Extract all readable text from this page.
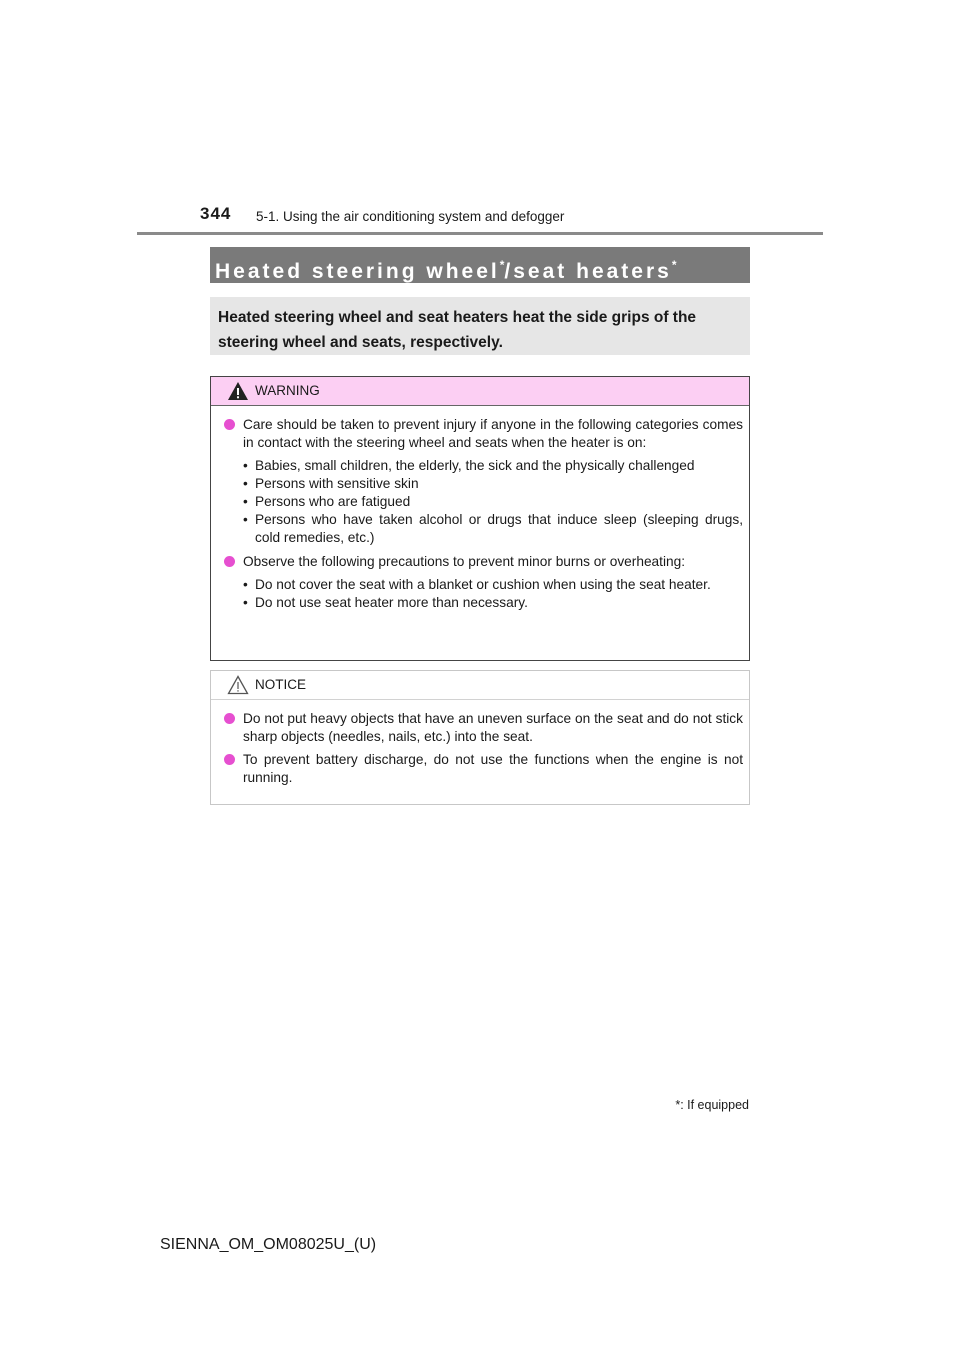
344 5-1. Using the air conditioning system and defogger
Heated steering wheel*/seat heaters*
Heated steering wheel and seat heaters heat the side grips of the steering wheel and seats, respectively.
WARNING
Care should be taken to prevent injury if anyone in the following categories comes in contact with the steering wheel and seats when the heater is on:
• Babies, small children, the elderly, the sick and the physically challenged
• Persons with sensitive skin
• Persons who are fatigued
• Persons who have taken alcohol or drugs that induce sleep (sleeping drugs, cold remedies, etc.)
Observe the following precautions to prevent minor burns or overheating:
• Do not cover the seat with a blanket or cushion when using the seat heater.
• Do not use seat heater more than necessary.
NOTICE
Do not put heavy objects that have an uneven surface on the seat and do not stick sharp objects (needles, nails, etc.) into the seat.
To prevent battery discharge, do not use the functions when the engine is not running.
*: If equipped
SIENNA_OM_OM08025U_(U)
